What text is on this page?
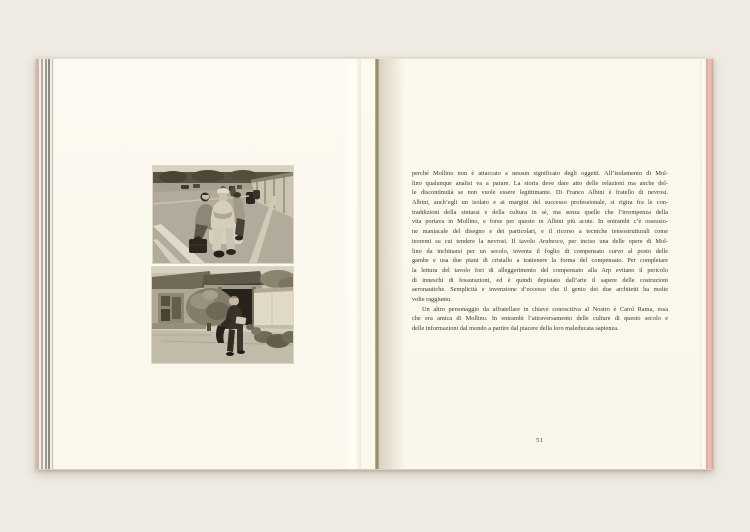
perché Mollino non è attaccato a nessun significato degli oggetti. All’isolamento di Mol-
lino qualunque analisi va a parare. La storia deve dare atto delle relazioni ma anche del-
le discontinuità se non vuole essere legittimante. Di Franco Albini è fratello di nevrosi.
Albini, anch’egli un isolato e ai margini del successo professionale, si rigira fra le con-
traddizioni della sintassi e della cultura in sé, ma senza quelle che l’irrompenza della
vita portava in Mollino, e forse per questo in Albini più acute. In entrambi c’è ossessio-
ne maniacale del disegno e dei particolari, e il ricorso a tecniche tensostrutturali come
teoremi su cui tendere la nevrosi. Il tavolo Arabesco, per inciso una delle opere di Mol-
lino da inchinarsi per un secolo, inventa il foglio di compensato curvo al posto delle
gambe e usa due piani di cristallo a trattenere la forma del compensato. Per completare
la lettura del tavolo fori di alleggerimento del compensato alla Arp evitano il pericolo
di inneschi di fessurazioni, ed è quindi depistato dall’arte il sapere delle costruzioni
aeronautiche. Semplicità e invenzione d’eccesso che il genio dei due architetti ha molte
volte raggiunto.
Un altro personaggio da affratellare in chiave conoscitiva al Nostro è Carol Rama, essa
che era amica di Mollino. In entrambi l’attraversamento delle culture di questo secolo e
delle informazioni dal mondo a partire dal piacere della loro maleducata sapienza.
51
